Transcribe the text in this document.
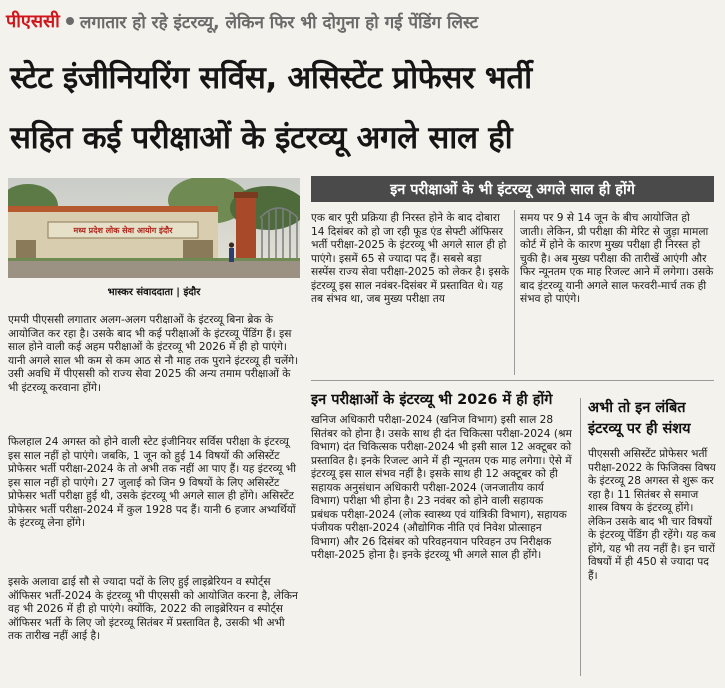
पीएससी लगातार हो रहे इंटरव्यू, लेकिन फिर भी दोगुना हो गई पेंडिंग लिस्ट
स्टेट इंजीनियरिंग सर्विस, असिस्टेंट प्रोफेसर भर्ती
सहित कई परीक्षाओं के इंटरव्यू अगले साल ही
मध्य प्रदेश लोक सेवा आयोग इंदौर
भास्कर संवाददाता | इंदौर
इन परीक्षाओं के भी इंटरव्यू अगले साल ही होंगे

एमपी पीएससी लगातार अलग-अलग परीक्षाओं के इंटरव्यू बिना ब्रेक के आयोजित कर रहा है। उसके बाद भी कई परीक्षाओं के इंटरव्यू पेंडिंग हैं। इस साल होने वाली कई अहम परीक्षाओं के इंटरव्यू भी 2026 में ही हो पाएंगे। यानी अगले साल भी कम से कम आठ से नौ माह तक पुराने इंटरव्यू ही चलेंगे। उसी अवधि में पीएससी को राज्य सेवा 2025 की अन्य तमाम परीक्षाओं के भी इंटरव्यू करवाना होंगे।

फिलहाल 24 अगस्त को होने वाली स्टेट इंजीनियर सर्विस परीक्षा के इंटरव्यू इस साल नहीं हो पाएंगे। जबकि, 1 जून को हुई 14 विषयों की असिस्टेंट प्रोफेसर भर्ती परीक्षा-2024 के तो अभी तक नहीं आ पाए हैं। यह इंटरव्यू भी इस साल नहीं हो पाएंगे। 27 जुलाई को जिन 9 विषयों के लिए असिस्टेंट प्रोफेसर भर्ती परीक्षा हुई थी, उसके इंटरव्यू भी अगले साल ही होंगे। असिस्टेंट प्रोफेसर भर्ती परीक्षा-2024 में कुल 1928 पद हैं। यानी 6 हजार अभ्यर्थियों के इंटरव्यू लेना होंगे।

इसके अलावा ढाई सौ से ज्यादा पदों के लिए हुई लाइब्रेरियन व स्पोर्ट्स ऑफिसर भर्ती-2024 के इंटरव्यू भी पीएससी को आयोजित करना है, लेकिन वह भी 2026 में ही हो पाएंगे। क्योंकि, 2022 की लाइब्रेरियन व स्पोर्ट्स ऑफिसर भर्ती के लिए जो इंटरव्यू सितंबर में प्रस्तावित है, उसकी भी अभी तक तारीख नहीं आई है।

एक बार पूरी प्रक्रिया ही निरस्त होने के बाद दोबारा 14 दिसंबर को हो जा रही फूड एंड सेफ्टी ऑफिसर भर्ती परीक्षा-2025 के इंटरव्यू भी अगले साल ही हो पाएंगे। इसमें 65 से ज्यादा पद हैं। सबसे बड़ा सस्पेंस राज्य सेवा परीक्षा-2025 को लेकर है। इसके इंटरव्यू इस साल नवंबर-दिसंबर में प्रस्तावित थे। यह तब संभव था, जब मुख्य परीक्षा तय

समय पर 9 से 14 जून के बीच आयोजित हो जाती। लेकिन, प्री परीक्षा की मेरिट से जुड़ा मामला कोर्ट में होने के कारण मुख्य परीक्षा ही निरस्त हो चुकी है। अब मुख्य परीक्षा की तारीखें आएंगी और फिर न्यूनतम एक माह रिजल्ट आने में लगेगा। उसके बाद इंटरव्यू यानी अगले साल फरवरी-मार्च तक ही संभव हो पाएंगे।

इन परीक्षाओं के इंटरव्यू भी 2026 में ही होंगे

खनिज अधिकारी परीक्षा-2024 (खनिज विभाग) इसी साल 28 सितंबर को होना है। उसके साथ ही दंत चिकित्सा परीक्षा-2024 (श्रम विभाग) दंत चिकित्सक परीक्षा-2024 भी इसी साल 12 अक्टूबर को प्रस्तावित है। इनके रिजल्ट आने में ही न्यूनतम एक माह लगेगा। ऐसे में इंटरव्यू इस साल संभव नहीं है। इसके साथ ही 12 अक्टूबर को ही सहायक अनुसंधान अधिकारी परीक्षा-2024 (जनजातीय कार्य विभाग) परीक्षा भी होना है। 23 नवंबर को होने वाली सहायक प्रबंधक परीक्षा-2024 (लोक स्वास्थ्य एवं यांत्रिकी विभाग), सहायक पंजीयक परीक्षा-2024 (औद्योगिक नीति एवं निवेश प्रोत्साहन विभाग) और 26 दिसंबर को परिवहनयान परिवहन उप निरीक्षक परीक्षा-2025 होना है। इनके इंटरव्यू भी अगले साल ही होंगे।

अभी तो इन लंबित इंटरव्यू पर ही संशय

पीएससी असिस्टेंट प्रोफेसर भर्ती परीक्षा-2022 के फिजिक्स विषय के इंटरव्यू 28 अगस्त से शुरू कर रहा है। 11 सितंबर से समाज शास्त्र विषय के इंटरव्यू होंगे। लेकिन उसके बाद भी चार विषयों के इंटरव्यू पेंडिंग ही रहेंगे। यह कब होंगे, यह भी तय नहीं है। इन चारों विषयों में ही 450 से ज्यादा पद हैं।
